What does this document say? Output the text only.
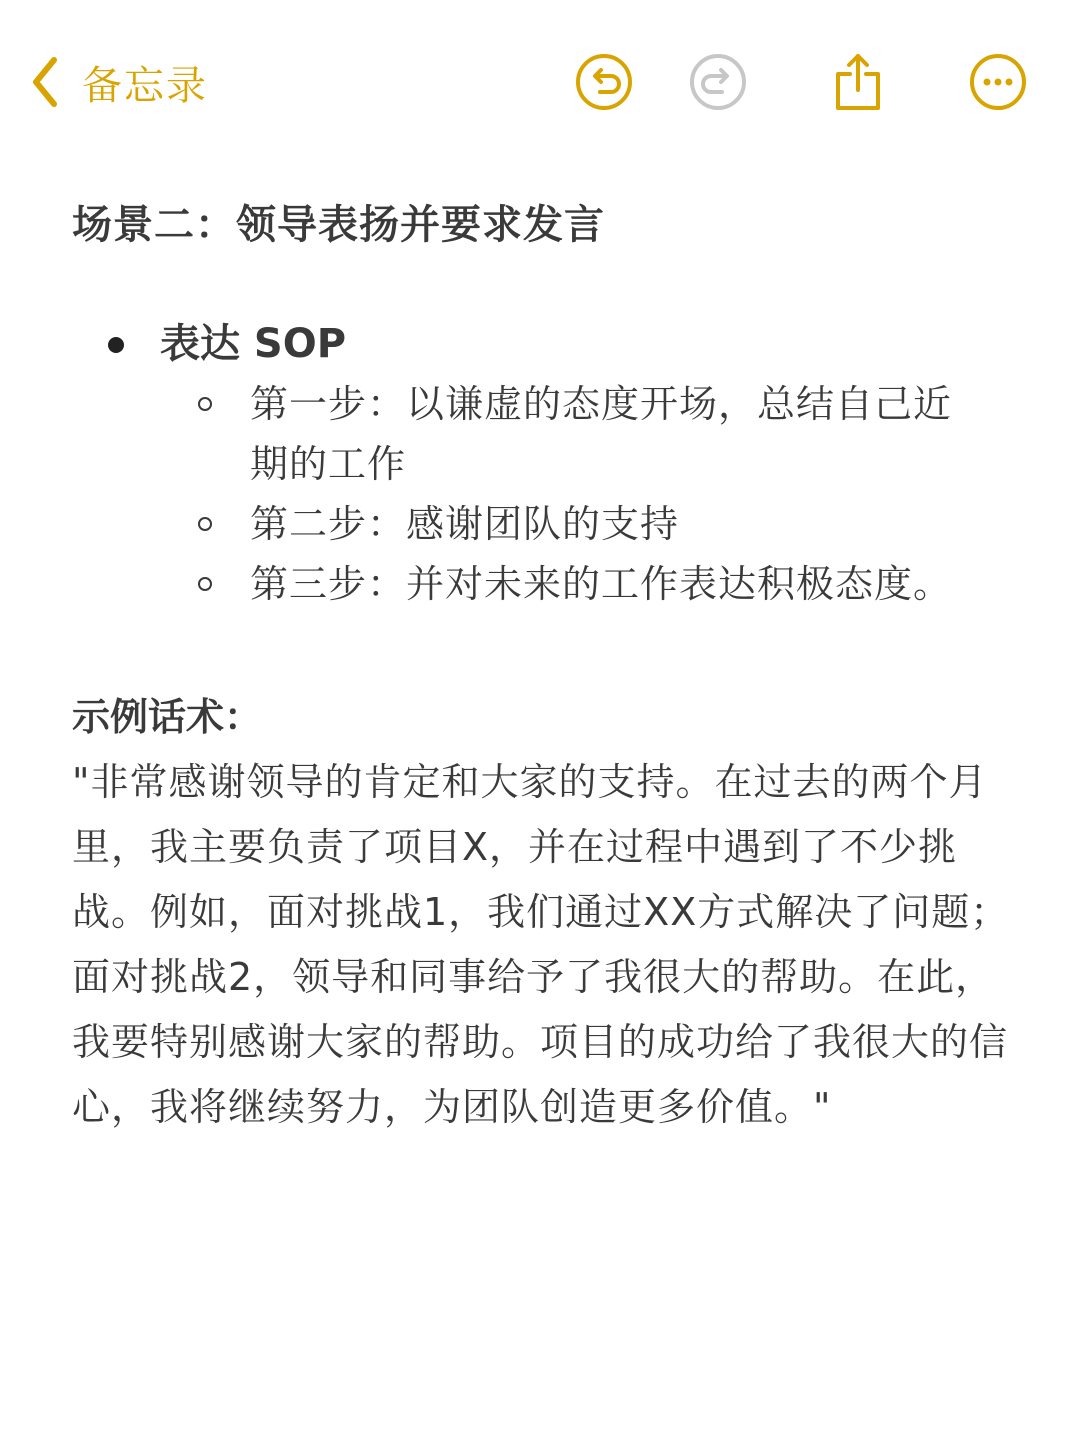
备忘录
场景二：领导表扬并要求发言
表达 SOP
第一步：以谦虚的态度开场，总结自己近期的工作
第二步：感谢团队的支持
第三步：并对未来的工作表达积极态度。
示例话术：
"非常感谢领导的肯定和大家的支持。在过去的两个月里，我主要负责了项目X，并在过程中遇到了不少挑战。例如，面对挑战1，我们通过XX方式解决了问题；面对挑战2，领导和同事给予了我很大的帮助。在此，我要特别感谢大家的帮助。项目的成功给了我很大的信心，我将继续努力，为团队创造更多价值。"
